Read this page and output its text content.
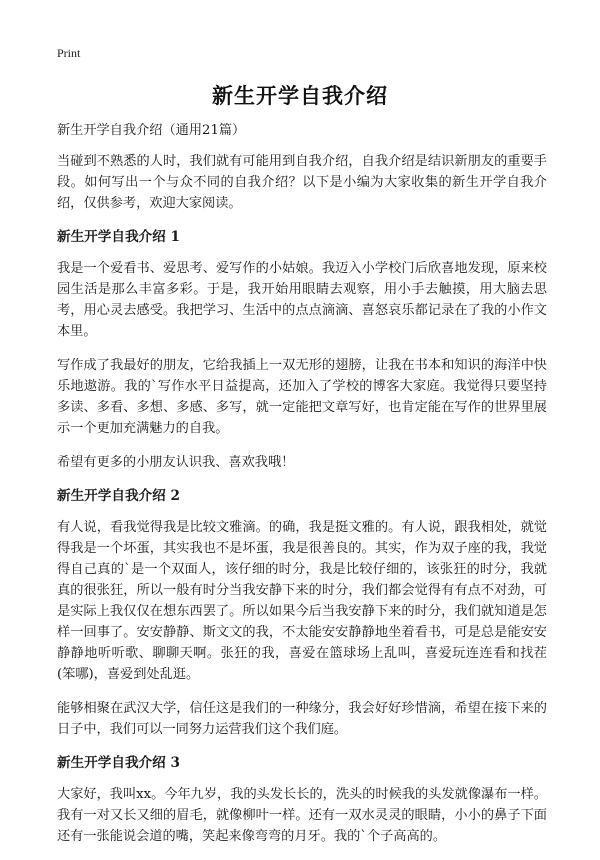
Print
新生开学自我介绍
新生开学自我介绍（通用21篇）
当碰到不熟悉的人时，我们就有可能用到自我介绍，自我介绍是结识新朋友的重要手段。如何写出一个与众不同的自我介绍？以下是小编为大家收集的新生开学自我介绍，仅供参考，欢迎大家阅读。
新生开学自我介绍 1
我是一个爱看书、爱思考、爱写作的小姑娘。我迈入小学校门后欣喜地发现，原来校园生活是那么丰富多彩。于是，我开始用眼睛去观察，用小手去触摸，用大脑去思考，用心灵去感受。我把学习、生活中的点点滴滴、喜怒哀乐都记录在了我的小作文本里。
写作成了我最好的朋友，它给我插上一双无形的翅膀，让我在书本和知识的海洋中快乐地遨游。我的`写作水平日益提高，还加入了学校的博客大家庭。我觉得只要坚持多读、多看、多想、多感、多写，就一定能把文章写好，也肯定能在写作的世界里展示一个更加充满魅力的自我。
希望有更多的小朋友认识我、喜欢我哦！
新生开学自我介绍 2
有人说，看我觉得我是比较文雅滴。的确，我是挺文雅的。有人说，跟我相处，就觉得我是一个坏蛋，其实我也不是坏蛋，我是很善良的。其实，作为双子座的我，我觉得自己真的`是一个双面人，该仔细的时分，我是比较仔细的，该张狂的时分，我就真的很张狂，所以一般有时分当我安静下来的时分，我们都会觉得有有点不对劲，可是实际上我仅仅在想东西罢了。所以如果今后当我安静下来的时分，我们就知道是怎样一回事了。安安静静、斯文文的我，不太能安安静静地坐着看书，可是总是能安安静静地听听歌、聊聊天啊。张狂的我，喜爱在篮球场上乱叫，喜爱玩连连看和找茬(笨哪)，喜爱到处乱逛。
能够相聚在武汉大学，信任这是我们的一种缘分，我会好好珍惜滴，希望在接下来的日子中，我们可以一同努力运营我们这个我们庭。
新生开学自我介绍 3
大家好，我叫xx。今年九岁，我的头发长长的，洗头的时候我的头发就像瀑布一样。我有一对又长又细的眉毛，就像柳叶一样。还有一双水灵灵的眼睛，小小的鼻子下面还有一张能说会道的嘴，笑起来像弯弯的月牙。我的`个子高高的。
